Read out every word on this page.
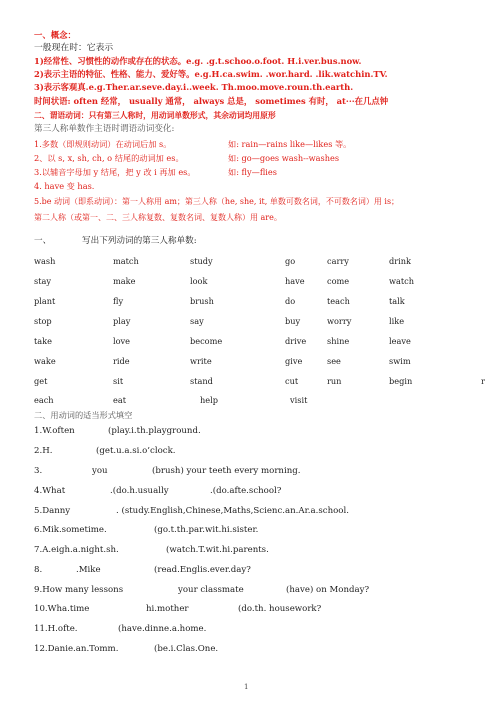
一、概念：
一般现在时：它表示
1)经常性、习惯性的动作或存在的状态。e.g. .g.t.schoo.o.foot. H.i.ver.bus.now.
2)表示主语的特征、性格、能力、爱好等。e.g.H.ca.swim. .wor.hard. .lik.watchin.TV.
3)表示客观真.e.g.Ther.ar.seve.day.i..week. Th.moo.move.roun.th.earth.
时间状语: often 经常， usually 通常， always 总是， sometimes 有时， at···在几点钟
二、谓语动词：只有第三人称时，用动词单数形式，其余动词均用原形
第三人称单数作主语时谓语动词变化:
1.多数（即规则动词）在动词后加 s。	如: rain—rains like—likes 等。
2、以 s, x, sh, ch, o 结尾的动词加 es。	如: go—goes wash--washes
3.以辅音字母加 y 结尾，把 y 改 i 再加 es。	如: fly—flies
4. have 变 has.
5.be 动词（即系动词）：第一人称用 am；第三人称（he, she, it, 单数可数名词，不可数名词）用 is；
第二人称（或第一、二、三人称复数、复数名词、复数人称）用 are。
一、	写出下列动词的第三人称单数:
wash	match	study	go	carry	drink
stay	make	look	have	come	watch
plant	fly	brush	do	teach	talk
stop	play	say	buy	worry	like
take	love	become	drive	shine	leave
wake	ride	write	give	see	swim
get	sit	stand	cut	run	begin	r
each	eat	help	visit
二、用动词的适当形式填空
1.W.often	(play.i.th.playground.
2.H.	(get.u.a.si.o’clock.
3.	you	(brush) your teeth every morning.
4.What	.(do.h.usually	.(do.afte.school?
5.Danny	. (study.English,Chinese,Maths,Scienc.an.Ar.a.school.
6.Mik.sometime.	(go.t.th.par.wit.hi.sister.
7.A.eigh.a.night.sh.	(watch.T.wit.hi.parents.
8.	.Mike	(read.Englis.ever.day?
9.How many lessons	your classmate	(have) on Monday?
10.Wha.time	hi.mother	(do.th. housework?
11.H.ofte.	(have.dinne.a.home.
12.Danie.an.Tomm.	(be.i.Clas.One.
1
